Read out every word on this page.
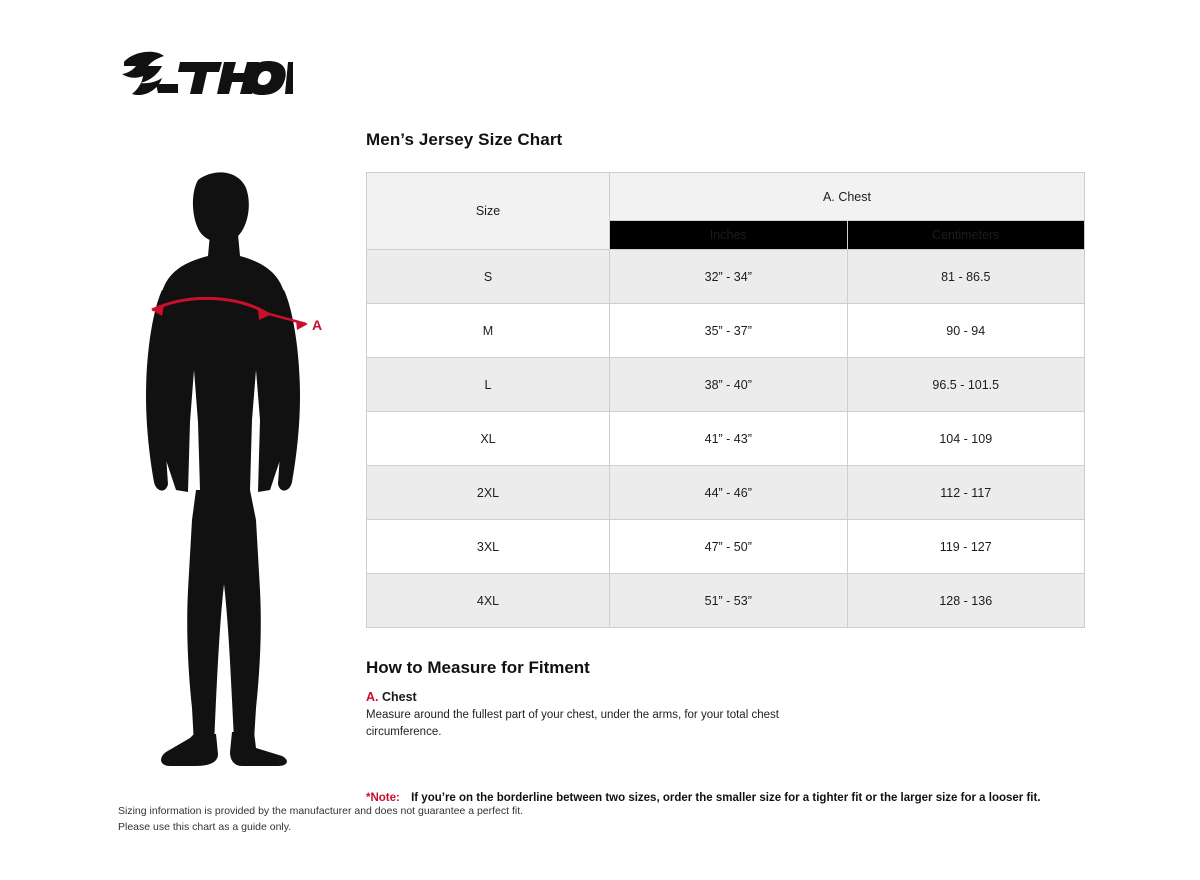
A
Men’s Jersey Size Chart
Size	A. Chest	
	Inches	Centimeters
S	32” - 34”	81 - 86.5
M	35” - 37”	90 - 94
L	38” - 40”	96.5 - 101.5
XL	41” - 43”	104 - 109
2XL	44” - 46”	112 - 117
3XL	47” - 50”	119 - 127
4XL	51” - 53”	128 - 136
How to Measure for Fitment
A. Chest
Measure around the fullest part of your chest, under the arms, for your total chest circumference.
*Note: If you’re on the borderline between two sizes, order the smaller size for a tighter fit or the larger size for a looser fit.
Sizing information is provided by the manufacturer and does not guarantee a perfect fit.
Please use this chart as a guide only.
